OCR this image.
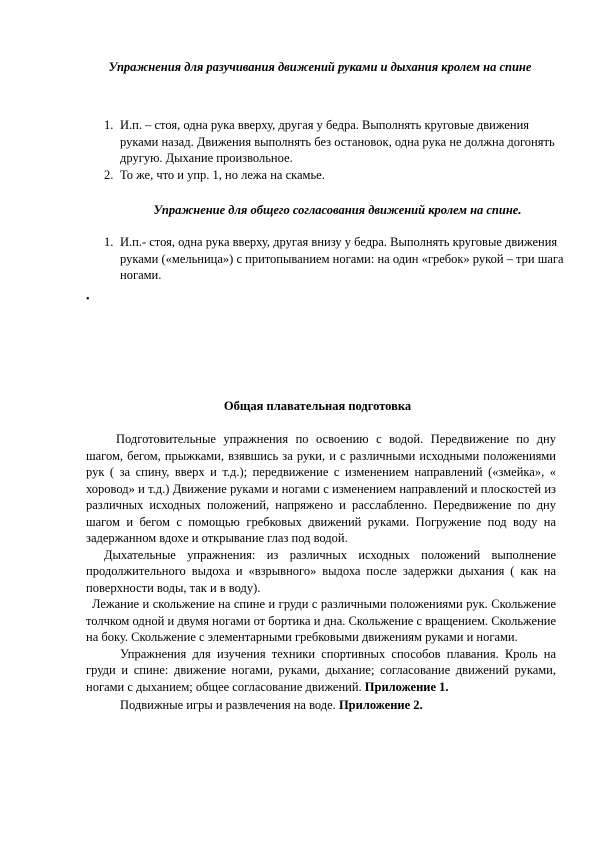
Упражнения для разучивания движений руками и дыхания кролем на спине

1. И.п. – стоя, одна рука вверху, другая у бедра. Выполнять круговые движения руками назад. Движения выполнять без остановок, одна рука не должна догонять другую. Дыхание произвольное.
2. То же, что и упр. 1, но лежа на скамье.

Упражнение для общего согласования движений кролем на спине.

1. И.п.- стоя, одна рука вверху, другая внизу у бедра. Выполнять круговые движения руками («мельница») с притопыванием ногами: на один «гребок» рукой – три шага ногами.
•

Общая плавательная подготовка

Подготовительные упражнения по освоению с водой. Передвижение по дну шагом, бегом, прыжками, взявшись за руки, и с различными исходными положениями рук ( за спину, вверх и т.д.); передвижение с изменением направлений («змейка», « хоровод» и т.д.) Движение руками и ногами с изменением направлений и плоскостей из различных исходных положений, напряжено и расслабленно. Передвижение по дну шагом и бегом с помощью гребковых движений руками. Погружение под воду на задержанном вдохе и открывание глаз под водой.

Дыхательные упражнения: из различных исходных положений выполнение продолжительного выдоха и «взрывного» выдоха после задержки дыхания ( как на поверхности воды, так и в воду).

Лежание и скольжение на спине и груди с различными положениями рук. Скольжение толчком одной и двумя ногами от бортика и дна. Скольжение с вращением. Скольжение на боку. Скольжение с элементарными гребковыми движениям руками и ногами.

Упражнения для изучения техники спортивных способов плавания. Кроль на груди и спине: движение ногами, руками, дыхание; согласование движений руками, ногами с дыханием; общее согласование движений. Приложение 1.

Подвижные игры и развлечения на воде. Приложение 2.
